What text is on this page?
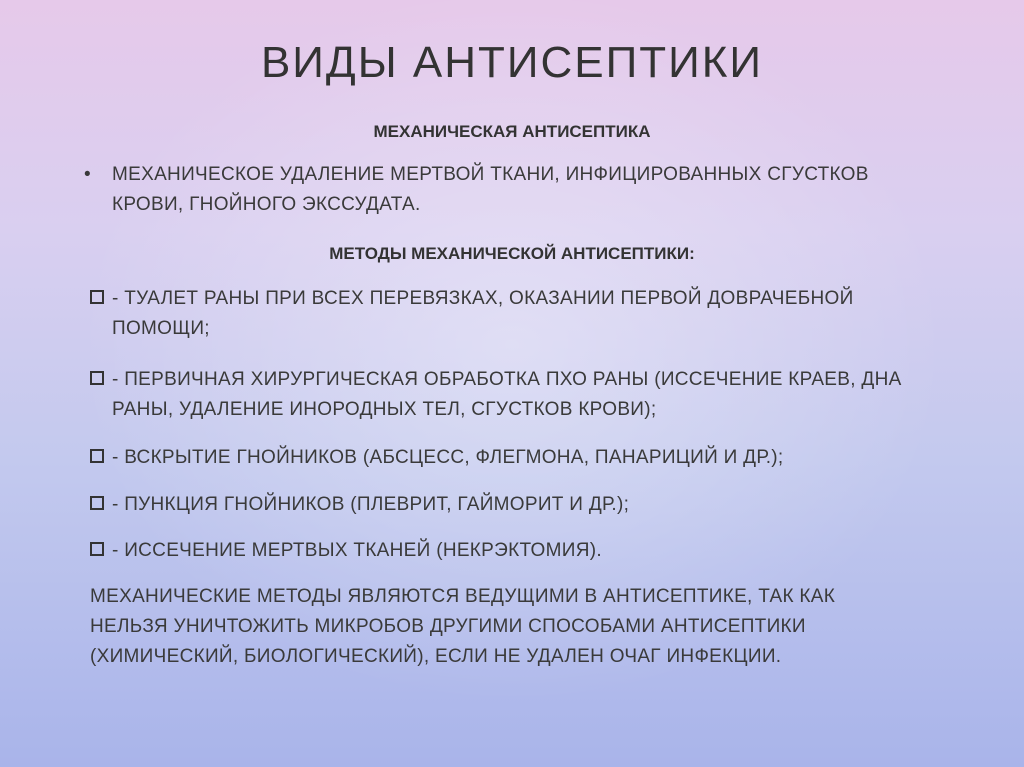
ВИДЫ АНТИСЕПТИКИ
МЕХАНИЧЕСКАЯ АНТИСЕПТИКА
•	МЕХАНИЧЕСКОЕ УДАЛЕНИЕ МЕРТВОЙ ТКАНИ, ИНФИЦИРОВАННЫХ СГУСТКОВ
КРОВИ, ГНОЙНОГО ЭКССУДАТА.
МЕТОДЫ МЕХАНИЧЕСКОЙ АНТИСЕПТИКИ:
- ТУАЛЕТ РАНЫ ПРИ ВСЕХ ПЕРЕВЯЗКАХ, ОКАЗАНИИ ПЕРВОЙ ДОВРАЧЕБНОЙ
ПОМОЩИ;
- ПЕРВИЧНАЯ ХИРУРГИЧЕСКАЯ ОБРАБОТКА ПХО РАНЫ (ИССЕЧЕНИЕ КРАЕВ, ДНА
РАНЫ, УДАЛЕНИЕ ИНОРОДНЫХ ТЕЛ, СГУСТКОВ КРОВИ);
- ВСКРЫТИЕ ГНОЙНИКОВ (АБСЦЕСС, ФЛЕГМОНА, ПАНАРИЦИЙ И ДР.);
- ПУНКЦИЯ ГНОЙНИКОВ (ПЛЕВРИТ, ГАЙМОРИТ И ДР.);
- ИССЕЧЕНИЕ МЕРТВЫХ ТКАНЕЙ (НЕКРЭКТОМИЯ).
МЕХАНИЧЕСКИЕ МЕТОДЫ ЯВЛЯЮТСЯ ВЕДУЩИМИ В АНТИСЕПТИКЕ, ТАК КАК
НЕЛЬЗЯ УНИЧТОЖИТЬ МИКРОБОВ ДРУГИМИ СПОСОБАМИ АНТИСЕПТИКИ
(ХИМИЧЕСКИЙ, БИОЛОГИЧЕСКИЙ), ЕСЛИ НЕ УДАЛЕН ОЧАГ ИНФЕКЦИИ.
